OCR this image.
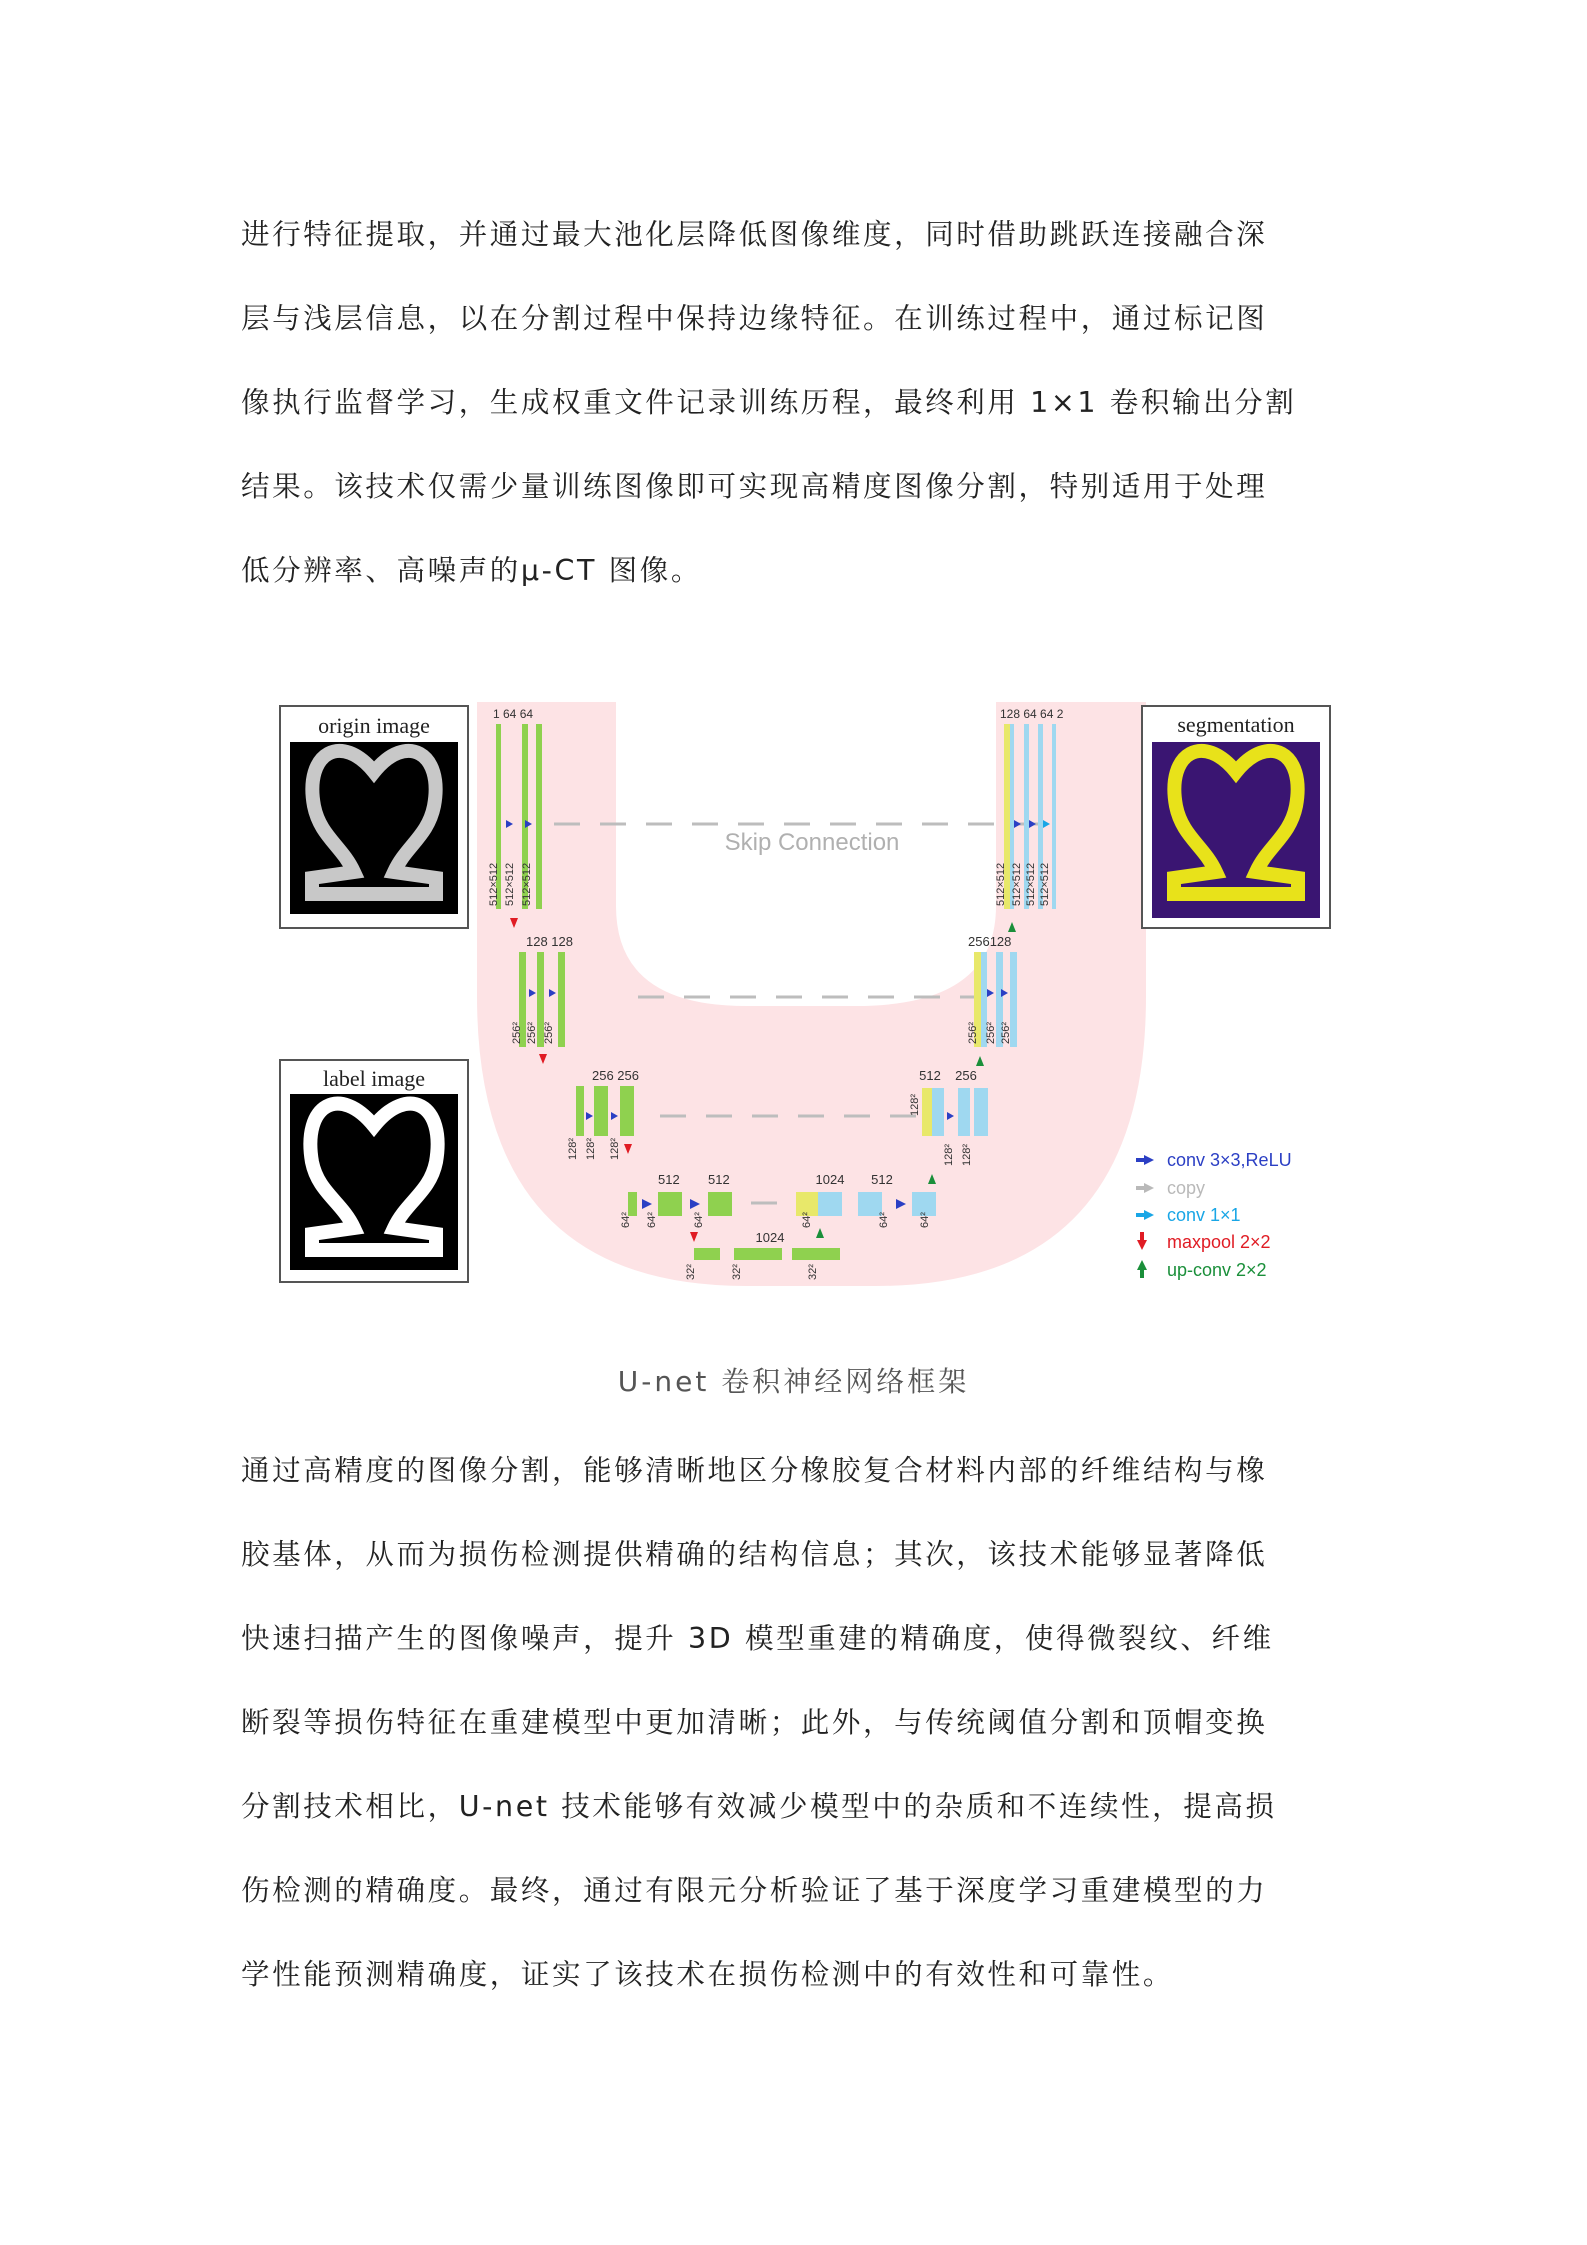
进行特征提取，并通过最大池化层降低图像维度，同时借助跳跃连接融合深
层与浅层信息，以在分割过程中保持边缘特征。在训练过程中，通过标记图
像执行监督学习，生成权重文件记录训练历程，最终利用 1×1 卷积输出分割
结果。该技术仅需少量训练图像即可实现高精度图像分割，特别适用于处理
低分辨率、高噪声的μ-CT 图像。
Skip Connection
origin image
label image
segmentation
1 64 64
128 128
256 256
512 512
1024
1024 512
512 256
256128
128 64 64 2
512×512 512×512 512×512
256² 256² 256²
128² 128² 128²
64² 64²	64²
32²	32²	32²
64²	64²	64²
128²
128² 128²
256² 256² 256²
512×512 512×512 512×512 512×512
conv 3×3,ReLU
copy
conv 1×1
maxpool 2×2
up-conv 2×2
U-net 卷积神经网络框架
通过高精度的图像分割，能够清晰地区分橡胶复合材料内部的纤维结构与橡
胶基体，从而为损伤检测提供精确的结构信息；其次，该技术能够显著降低
快速扫描产生的图像噪声，提升 3D 模型重建的精确度，使得微裂纹、纤维
断裂等损伤特征在重建模型中更加清晰；此外，与传统阈值分割和顶帽变换
分割技术相比，U-net 技术能够有效减少模型中的杂质和不连续性，提高损
伤检测的精确度。最终，通过有限元分析验证了基于深度学习重建模型的力
学性能预测精确度，证实了该技术在损伤检测中的有效性和可靠性。
